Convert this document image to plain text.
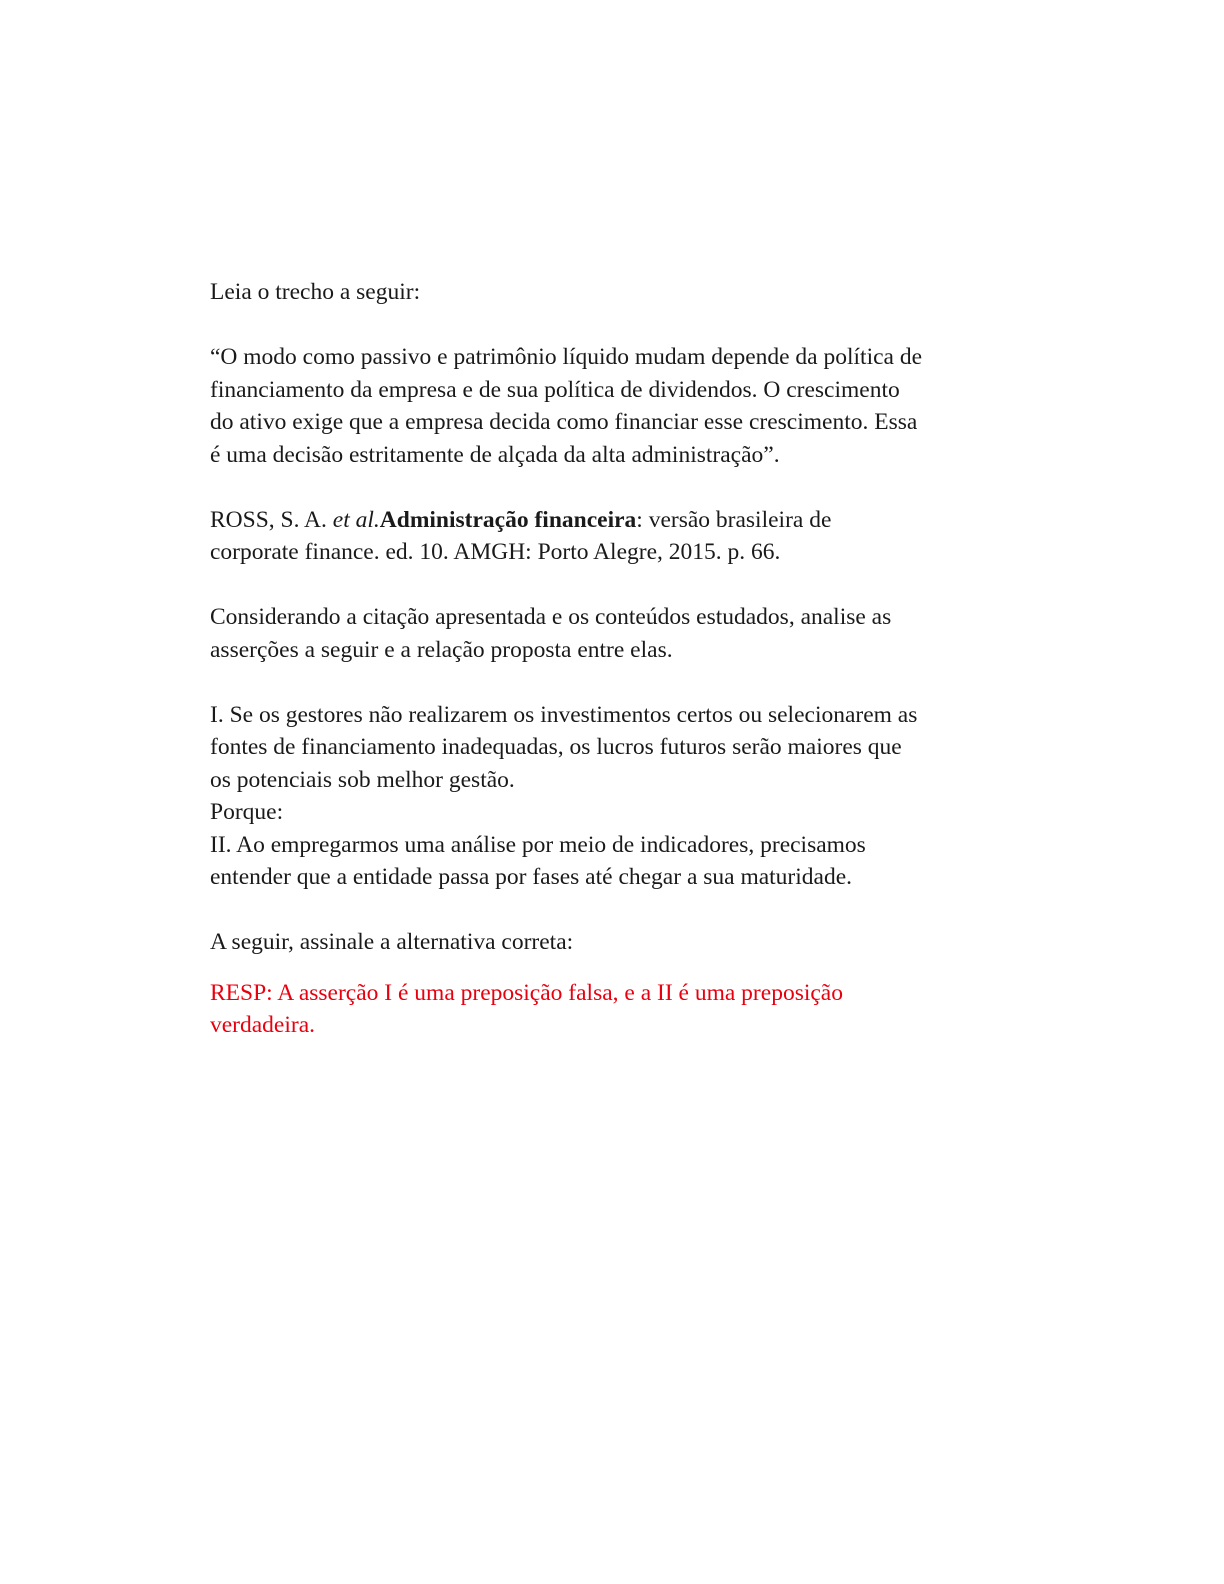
Leia o trecho a seguir:

“O modo como passivo e patrimônio líquido mudam depende da política de
financiamento da empresa e de sua política de dividendos. O crescimento
do ativo exige que a empresa decida como financiar esse crescimento. Essa
é uma decisão estritamente de alçada da alta administração”.

ROSS, S. A. et al.Administração financeira: versão brasileira de
corporate finance. ed. 10. AMGH: Porto Alegre, 2015. p. 66.

Considerando a citação apresentada e os conteúdos estudados, analise as
asserções a seguir e a relação proposta entre elas.

I. Se os gestores não realizarem os investimentos certos ou selecionarem as
fontes de financiamento inadequadas, os lucros futuros serão maiores que
os potenciais sob melhor gestão.
Porque:
II. Ao empregarmos uma análise por meio de indicadores, precisamos
entender que a entidade passa por fases até chegar a sua maturidade.

A seguir, assinale a alternativa correta:

RESP: A asserção I é uma preposição falsa, e a II é uma preposição
verdadeira.
